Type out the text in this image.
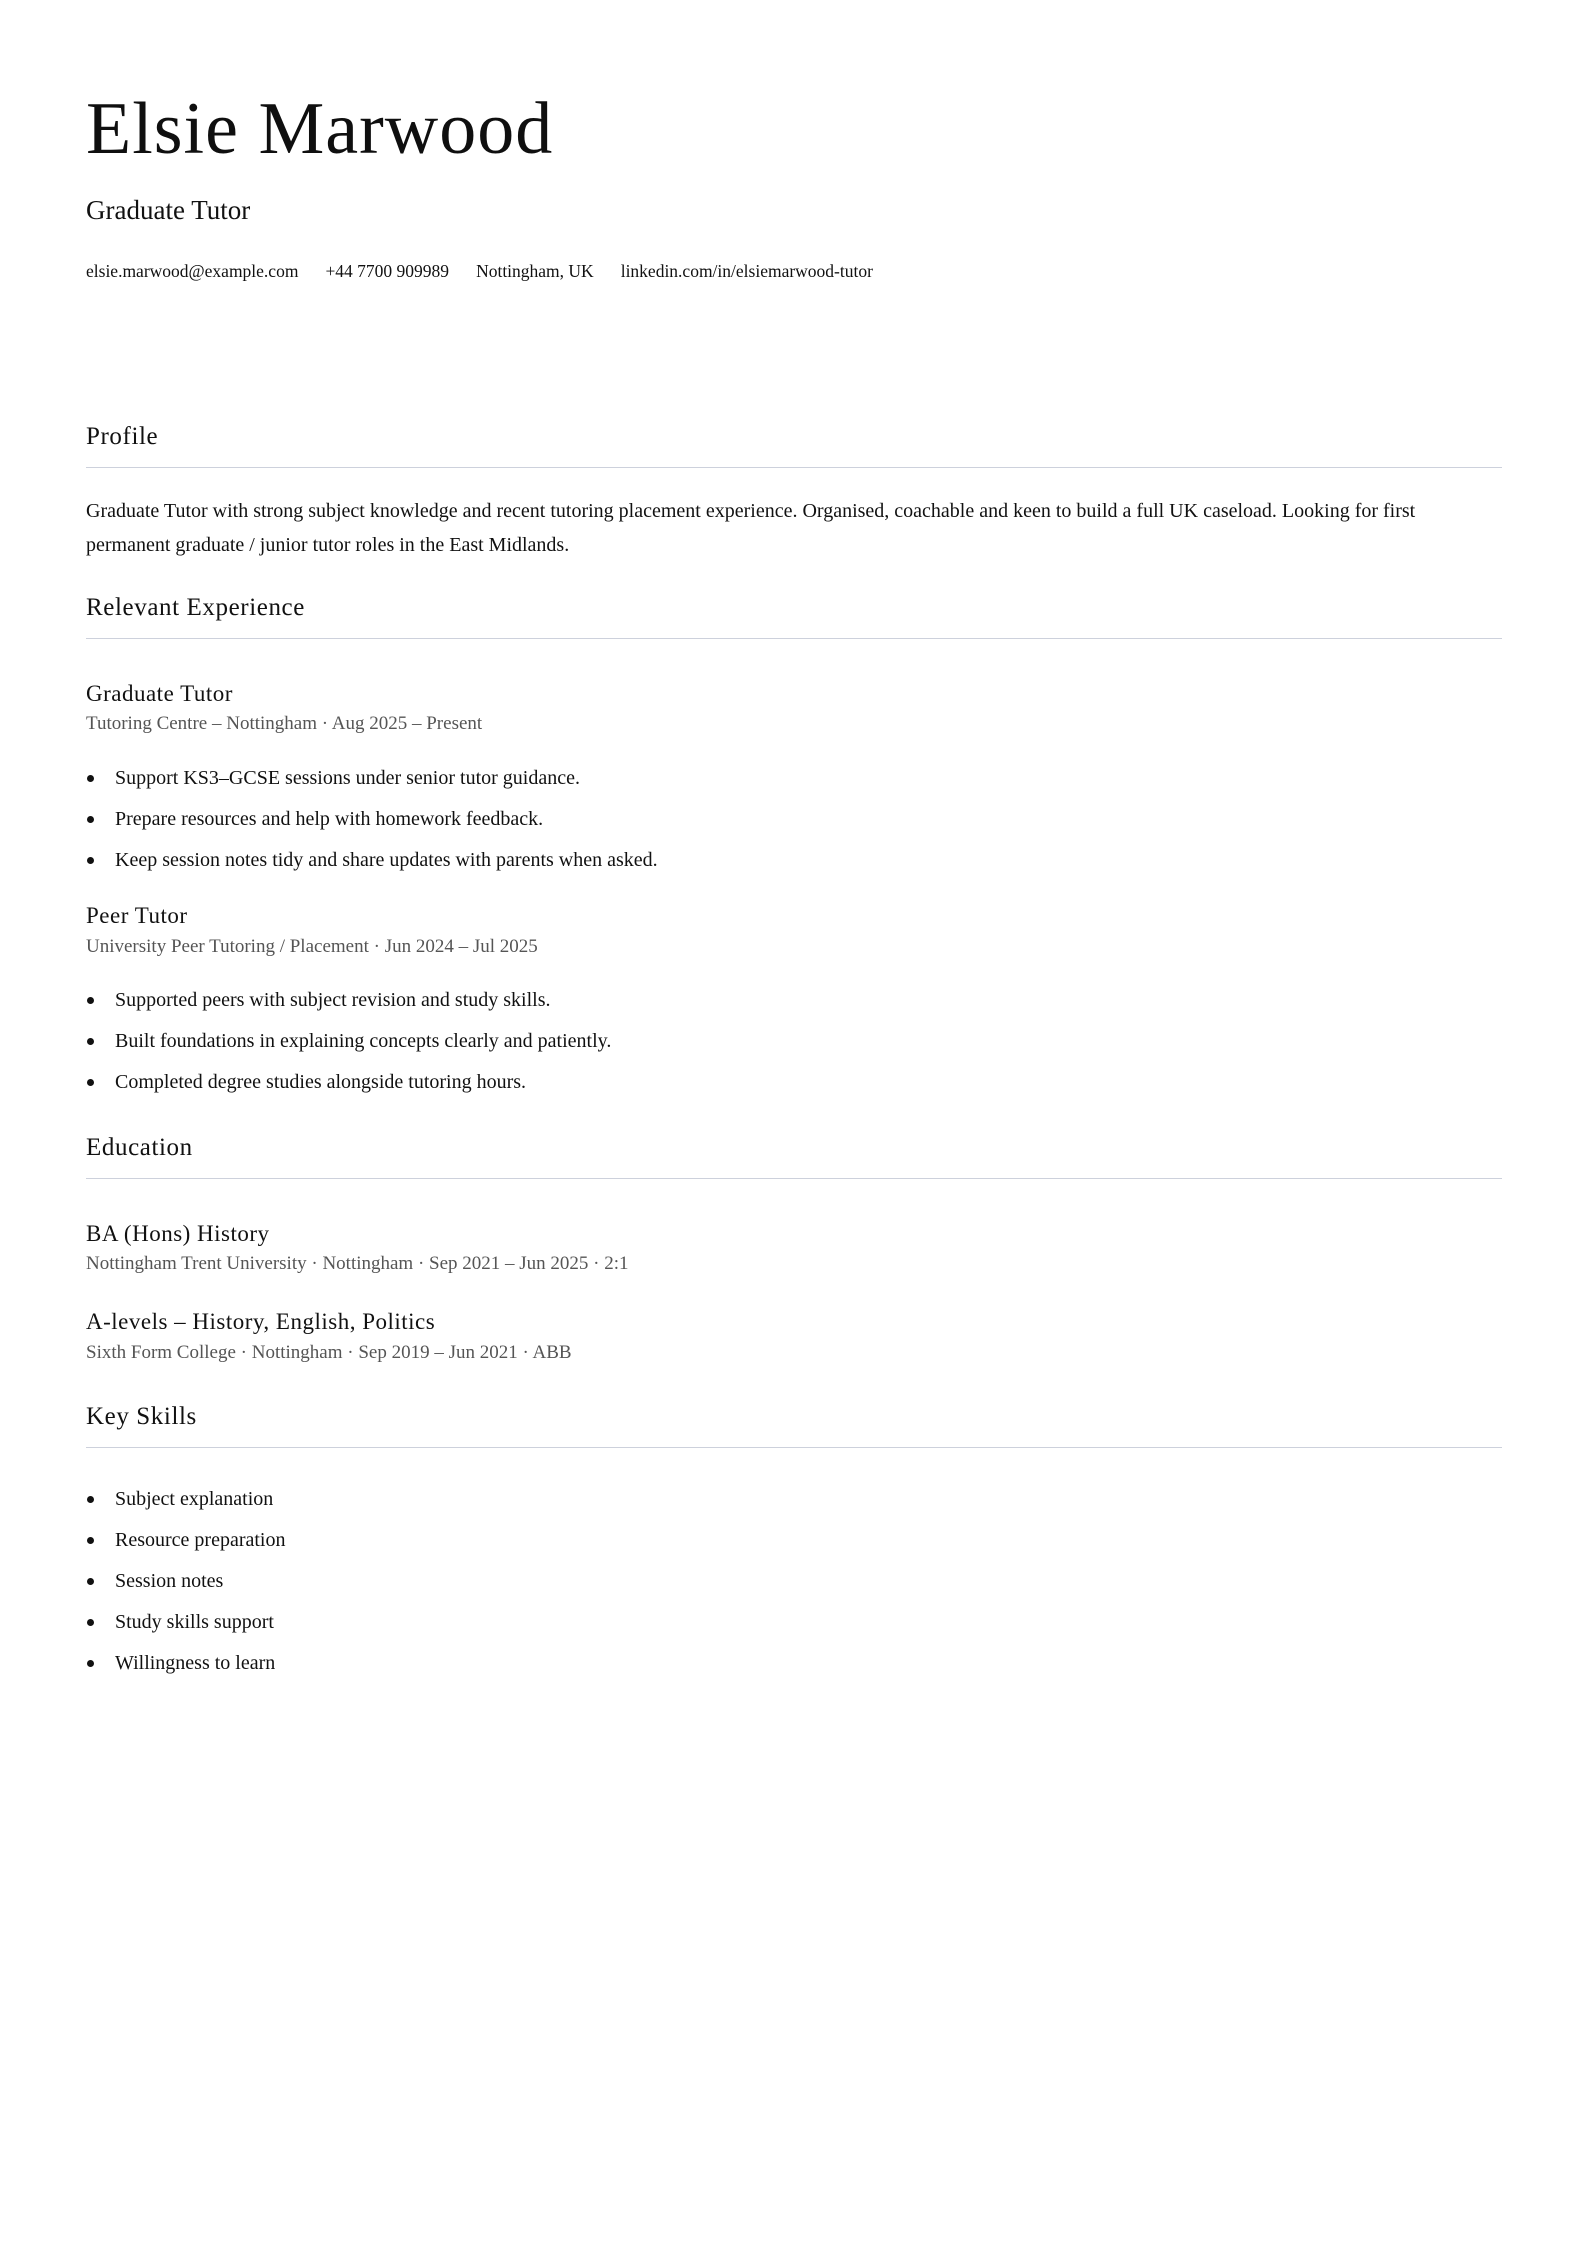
Elsie Marwood
Graduate Tutor
elsie.marwood@example.com +44 7700 909989 Nottingham, UK linkedin.com/in/elsiemarwood-tutor
Profile

Graduate Tutor with strong subject knowledge and recent tutoring placement experience. Organised, coachable and keen to build a full UK caseload. Looking for first permanent graduate / junior tutor roles in the East Midlands.

Relevant Experience
Graduate Tutor
Tutoring Centre – Nottingham · Aug 2025 – Present
Support KS3–GCSE sessions under senior tutor guidance.
Prepare resources and help with homework feedback.
Keep session notes tidy and share updates with parents when asked.
Peer Tutor
University Peer Tutoring / Placement · Jun 2024 – Jul 2025
Supported peers with subject revision and study skills.
Built foundations in explaining concepts clearly and patiently.
Completed degree studies alongside tutoring hours.
Education
BA (Hons) History
Nottingham Trent University · Nottingham · Sep 2021 – Jun 2025 · 2:1
A-levels – History, English, Politics
Sixth Form College · Nottingham · Sep 2019 – Jun 2021 · ABB
Key Skills
Subject explanation
Resource preparation
Session notes
Study skills support
Willingness to learn
